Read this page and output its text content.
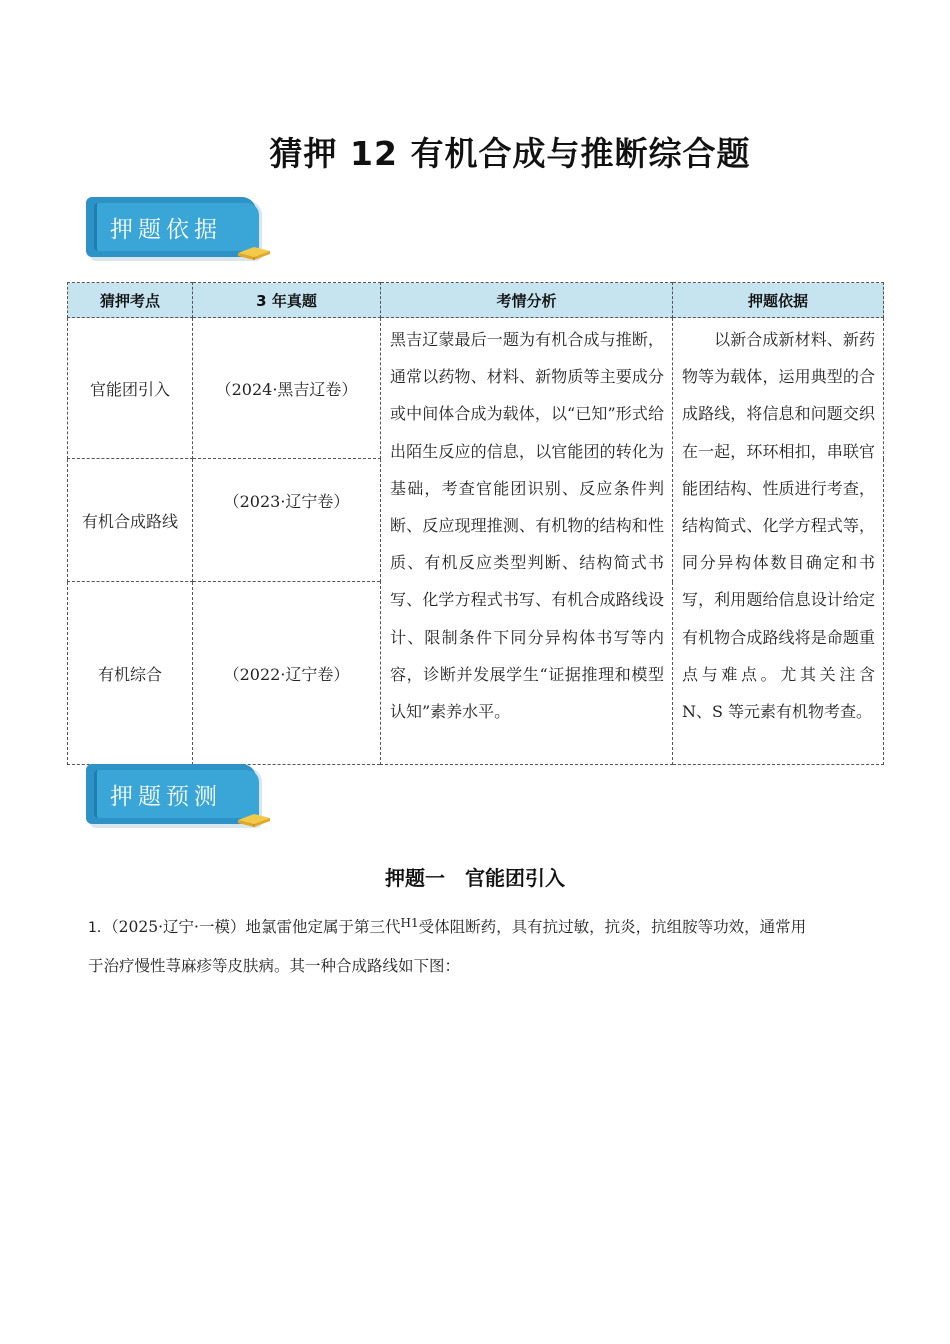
猜押 12 有机合成与推断综合题
押题依据
猜押考点	3 年真题	考情分析	押题依据
官能团引入	（2024·黑吉辽卷）	黑吉辽蒙最后一题为有机合成与推断，通常以药物、材料、新物质等主要成分或中间体合成为载体，以“已知”形式给出陌生反应的信息，以官能团的转化为基础，考查官能团识别、反应条件判断、反应现理推测、有机物的结构和性质、有机反应类型判断、结构简式书写、化学方程式书写、有机合成路线设计、限制条件下同分异构体书写等内容，诊断并发展学生“证据推理和模型认知”素养水平。	以新合成新材料、新药物等为载体，运用典型的合成路线，将信息和问题交织在一起，环环相扣，串联官能团结构、性质进行考查，结构简式、化学方程式等，同分异构体数目确定和书写，利用题给信息设计给定有机物合成路线将是命题重点与难点。尤其关注含 N、S 等元素有机物考查。
有机合成路线	（2023·辽宁卷）		
有机综合	（2022·辽宁卷）		
押题预测
押题一　官能团引入
1．（2025·辽宁·一模）地氯雷他定属于第三代$^{H1}$受体阻断药，具有抗过敏，抗炎，抗组胺等功效，通常用
于治疗慢性荨麻疹等皮肤病。其一种合成路线如下图：
